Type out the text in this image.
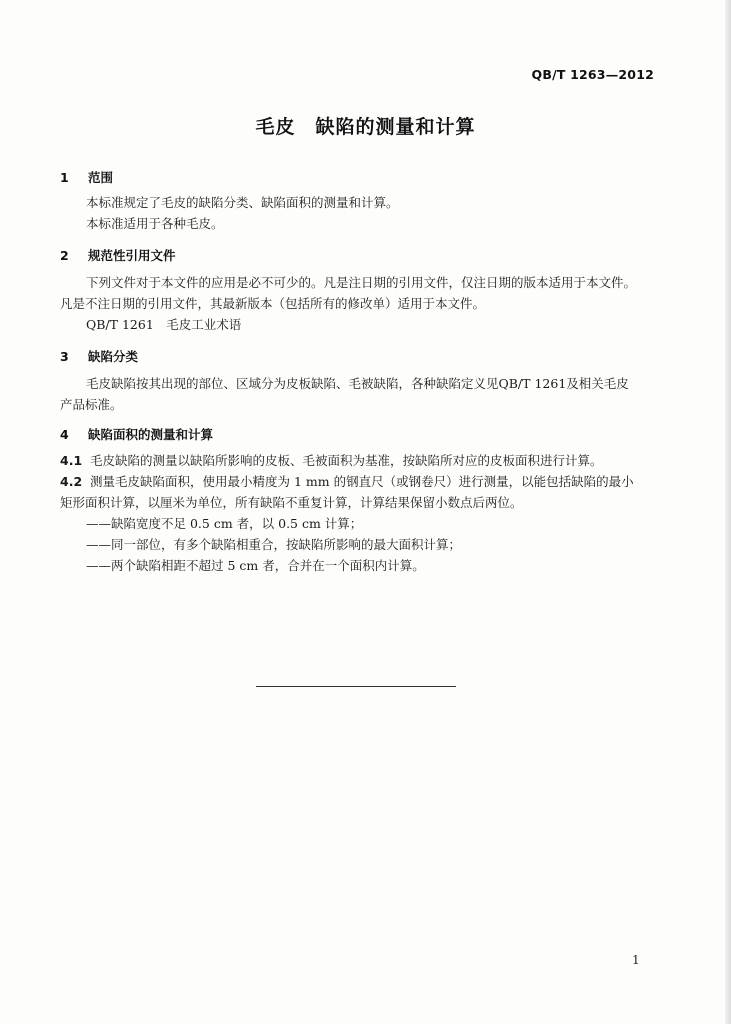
QB/T 1263—2012
毛皮　缺陷的测量和计算
1 范围
本标准规定了毛皮的缺陷分类、缺陷面积的测量和计算。
本标准适用于各种毛皮。
2 规范性引用文件
下列文件对于本文件的应用是必不可少的。凡是注日期的引用文件，仅注日期的版本适用于本文件。
凡是不注日期的引用文件，其最新版本（包括所有的修改单）适用于本文件。
QB/T 1261　毛皮工业术语
3 缺陷分类
毛皮缺陷按其出现的部位、区域分为皮板缺陷、毛被缺陷，各种缺陷定义见QB/T 1261及相关毛皮
产品标准。
4 缺陷面积的测量和计算
4.1 毛皮缺陷的测量以缺陷所影响的皮板、毛被面积为基准，按缺陷所对应的皮板面积进行计算。
4.2 测量毛皮缺陷面积，使用最小精度为 1 mm 的钢直尺（或钢卷尺）进行测量，以能包括缺陷的最小
矩形面积计算，以厘米为单位，所有缺陷不重复计算，计算结果保留小数点后两位。
——缺陷宽度不足 0.5 cm 者，以 0.5 cm 计算；
——同一部位，有多个缺陷相重合，按缺陷所影响的最大面积计算；
——两个缺陷相距不超过 5 cm 者，合并在一个面积内计算。
1
